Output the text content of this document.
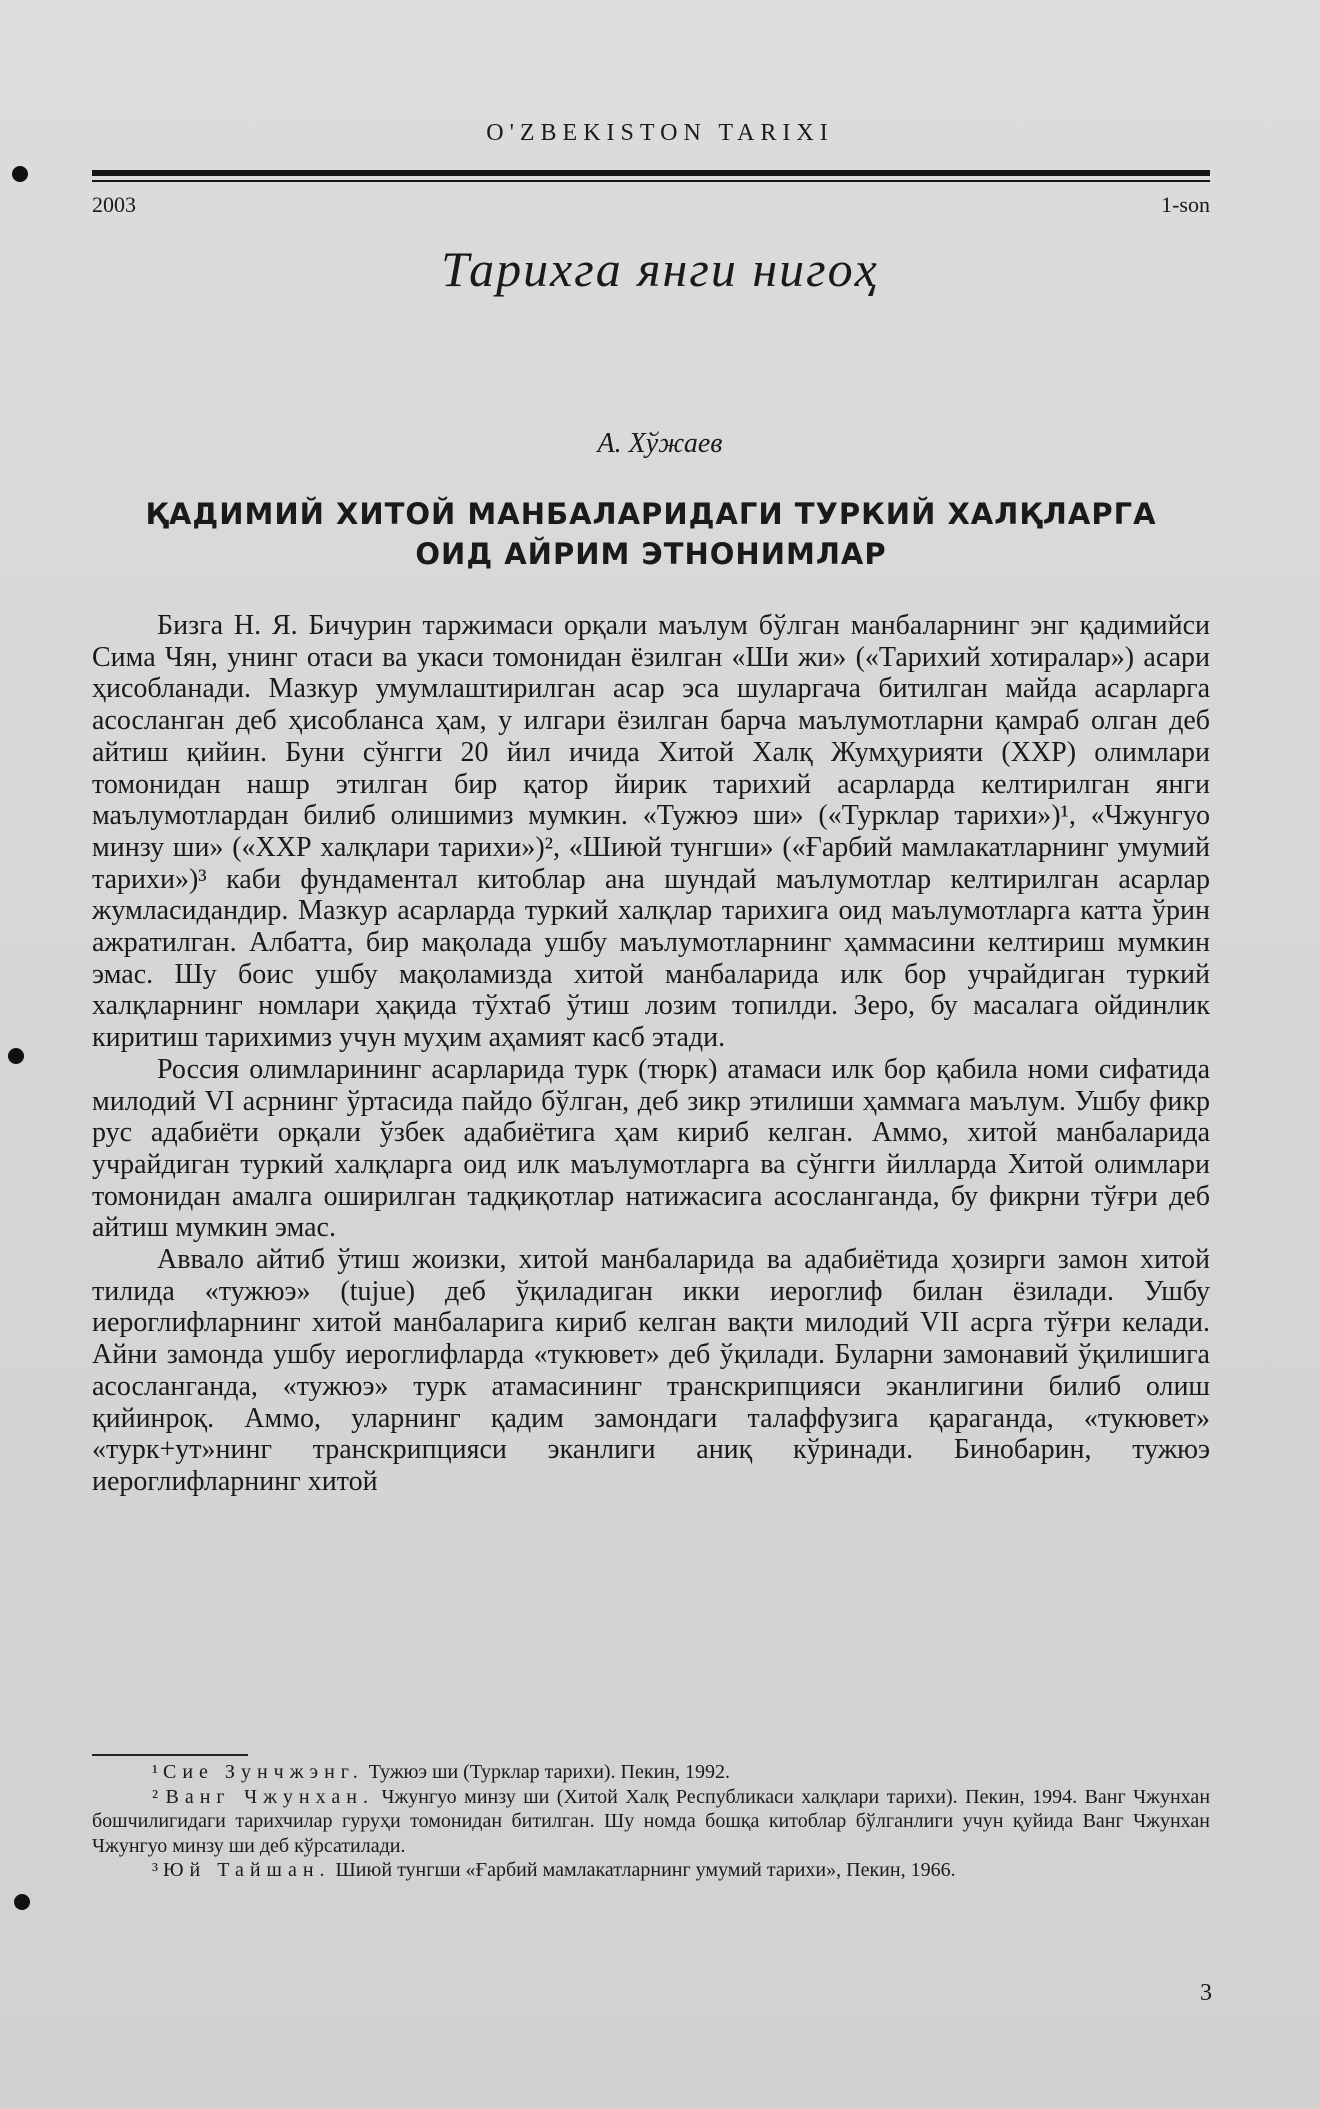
O'ZBEKISTON TARIXI
2003	1-son
Тарихга янги нигоҳ
А. Хўжаев
ҚАДИМИЙ ХИТОЙ МАНБАЛАРИДАГИ ТУРКИЙ ХАЛҚЛАРГА
ОИД АЙРИМ ЭТНОНИМЛАР

Бизга Н. Я. Бичурин таржимаси орқали маълум бўлган манбаларнинг энг қадимийси Сима Чян, унинг отаси ва укаси томонидан ёзилган «Ши жи» («Тарихий хотиралар») асари ҳисобланади. Мазкур умумлаштирилган асар эса шуларгача битилган майда асарларга асосланган деб ҳисобланса ҳам, у илгари ёзилган барча маълумотларни қамраб олган деб айтиш қийин. Буни сўнгги 20 йил ичида Хитой Халқ Жумҳурияти (ХХР) олимлари томонидан нашр этилган бир қатор йирик тарихий асарларда келтирилган янги маълумотлардан билиб олишимиз мумкин. «Тужюэ ши» («Турклар тарихи»)¹, «Чжунгуо минзу ши» («ХХР халқлари тарихи»)², «Шиюй тунгши» («Ғарбий мамлакатларнинг умумий тарихи»)³ каби фундаментал китоблар ана шундай маълумотлар келтирилган асарлар жумласидандир. Мазкур асарларда туркий халқлар тарихига оид маълумотларга катта ўрин ажратилган. Албатта, бир мақолада ушбу маълумотларнинг ҳаммасини келтириш мумкин эмас. Шу боис ушбу мақоламизда хитой манбаларида илк бор учрайдиган туркий халқларнинг номлари ҳақида тўхтаб ўтиш лозим топилди. Зеро, бу масалага ойдинлик киритиш тарихимиз учун муҳим аҳамият касб этади.

Россия олимларининг асарларида турк (тюрк) атамаси илк бор қабила номи сифатида милодий VI асрнинг ўртасида пайдо бўлган, деб зикр этилиши ҳаммага маълум. Ушбу фикр рус адабиёти орқали ўзбек адабиётига ҳам кириб келган. Аммо, хитой манбаларида учрайдиган туркий халқларга оид илк маълумотларга ва сўнгги йилларда Хитой олимлари томонидан амалга оширилган тадқиқотлар натижасига асосланганда, бу фикрни тўғри деб айтиш мумкин эмас.

Аввало айтиб ўтиш жоизки, хитой манбаларида ва адабиётида ҳозирги замон хитой тилида «тужюэ» (tujue) деб ўқиладиган икки иероглиф билан ёзилади. Ушбу иероглифларнинг хитой манбаларига кириб келган вақти милодий VII асрга тўғри келади. Айни замонда ушбу иероглифларда «тукювет» деб ўқилади. Буларни замонавий ўқилишига асосланганда, «тужюэ» турк атамасининг транскрипцияси эканлигини билиб олиш қийинроқ. Аммо, уларнинг қадим замондаги талаффузига қараганда, «тукювет» «турк+ут»нинг транскрипцияси эканлиги аниқ кўринади. Бинобарин, тужюэ иероглифларнинг хитой

¹ Сие Зунчжэнг. Тужюэ ши (Турклар тарихи). Пекин, 1992.

² Ванг Чжунхан. Чжунгуо минзу ши (Хитой Халқ Республикаси халқлари тарихи). Пекин, 1994. Ванг Чжунхан бошчилигидаги тарихчилар гуруҳи томонидан битилган. Шу номда бошқа китоблар бўлганлиги учун қуйида Ванг Чжунхан Чжунгуо минзу ши деб кўрсатилади.

³ Юй Тайшан. Шиюй тунгши «Ғарбий мамлакатларнинг умумий тарихи», Пекин, 1966.

3
